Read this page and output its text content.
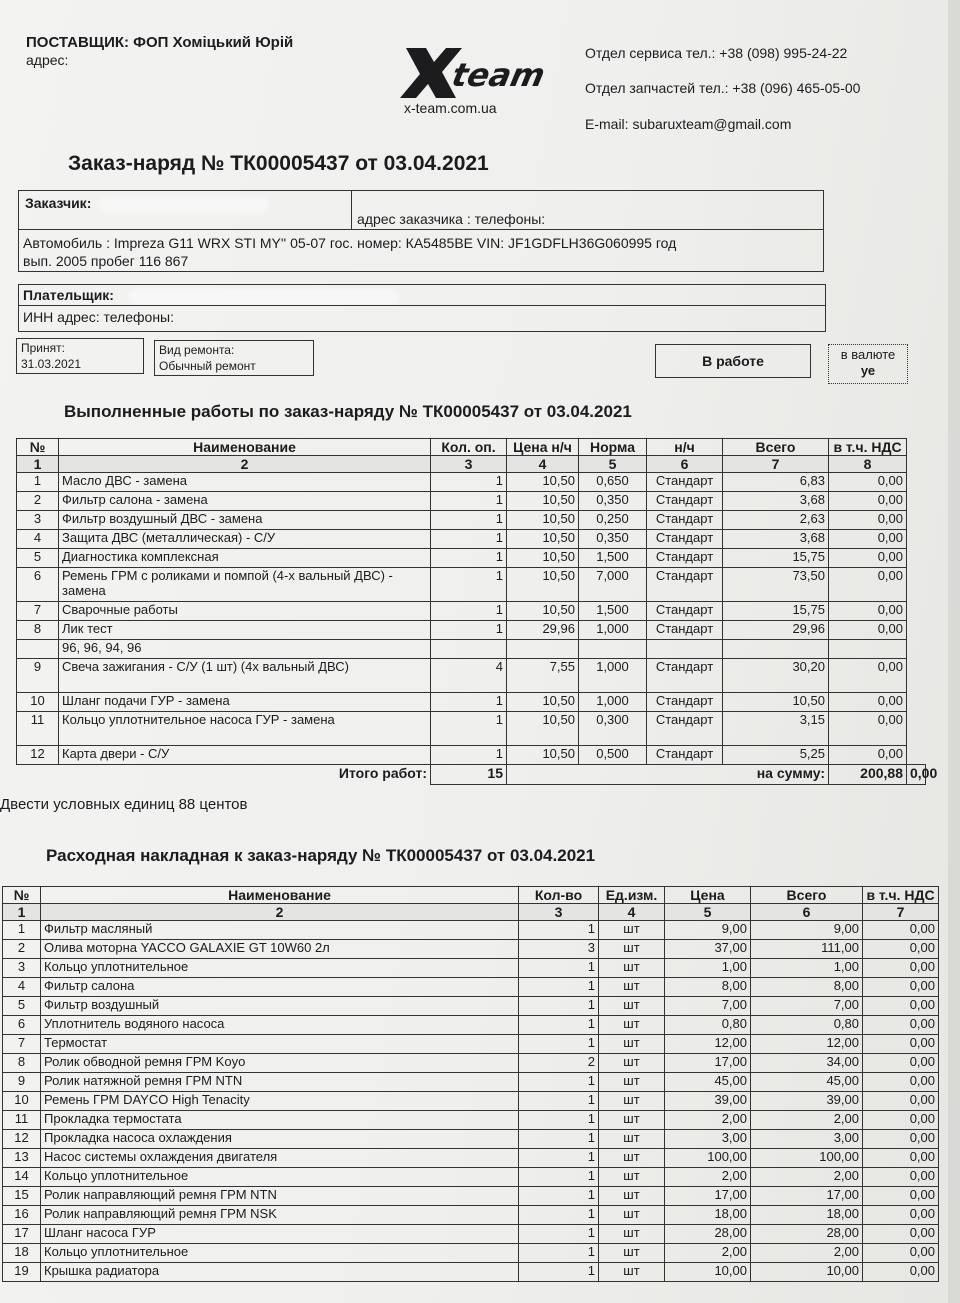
ПОСТАВЩИК: ФОП Хоміцький Юрій
адрес:	team
x-team.com.ua
Отдел сервиса тел.: +38 (098) 995-24-22
Отдел запчастей тел.: +38 (096) 465-05-00
E-mail: subaruxteam@gmail.com
Заказ-наряд № ТК00005437 от 03.04.2021
Заказчик:
адрес заказчика : телефоны:
Автомобиль : Impreza G11 WRX STI MY'' 05-07 гос. номер: КА5485ВЕ VIN: JF1GDFLH36G060995 год
вып. 2005 пробег 116 867
Плательщик:
ИНН адрес: телефоны:
Принят:
31.03.2021
Вид ремонта:
Обычный ремонт	В работе	в валюте
уе
Выполненные работы по заказ-наряду № ТК00005437 от 03.04.2021
№	Наименование	Кол. оп.	Цена н/ч	Норма	н/ч	Всего	в т.ч. НДС	
1	2	3	4	5	6	7	8	
1	Масло ДВС - замена	1	10,50	0,650	Стандарт	6,83	0,00	
2	Фильтр салона - замена	1	10,50	0,350	Стандарт	3,68	0,00	
3	Фильтр воздушный ДВС - замена	1	10,50	0,250	Стандарт	2,63	0,00	
4	Защита ДВС (металлическая) - С/У	1	10,50	0,350	Стандарт	3,68	0,00	
5	Диагностика комплексная	1	10,50	1,500	Стандарт	15,75	0,00	
6	Ремень ГРМ с роликами и помпой (4-х вальный ДВС) - замена	1	10,50	7,000	Стандарт	73,50	0,00	
7	Сварочные работы	1	10,50	1,500	Стандарт	15,75	0,00	
8	Лик тест	1	29,96	1,000	Стандарт	29,96	0,00	
	96, 96, 94, 96							
9	Свеча зажигания - С/У (1 шт) (4х вальный ДВС)	4	7,55	1,000	Стандарт	30,20	0,00	
10	Шланг подачи ГУР - замена	1	10,50	1,000	Стандарт	10,50	0,00	
11	Кольцо уплотнительное насоса ГУР - замена	1	10,50	0,300	Стандарт	3,15	0,00	
12	Карта двери - С/У	1	10,50	0,500	Стандарт	5,25	0,00	
Итого работ:		15	на сумму:				200,88	0,00
Двести условных единиц 88 центов
Расходная накладная к заказ-наряду № ТК00005437 от 03.04.2021
№	Наименование	Кол-во	Ед.изм.	Цена	Всего	в т.ч. НДС
1	2	3	4	5	6	7
1	Фильтр масляный	1	шт	9,00	9,00	0,00
2	Олива моторна YACCO GALAXIE GT 10W60 2л	3	шт	37,00	111,00	0,00
3	Кольцо уплотнительное	1	шт	1,00	1,00	0,00
4	Фильтр салона	1	шт	8,00	8,00	0,00
5	Фильтр воздушный	1	шт	7,00	7,00	0,00
6	Уплотнитель водяного насоса	1	шт	0,80	0,80	0,00
7	Термостат	1	шт	12,00	12,00	0,00
8	Ролик обводной ремня ГРМ Koyo	2	шт	17,00	34,00	0,00
9	Ролик натяжной ремня ГРМ NTN	1	шт	45,00	45,00	0,00
10	Ремень ГРМ DAYCO High Tenacity	1	шт	39,00	39,00	0,00
11	Прокладка термостата	1	шт	2,00	2,00	0,00
12	Прокладка насоса охлаждения	1	шт	3,00	3,00	0,00
13	Насос системы охлаждения двигателя	1	шт	100,00	100,00	0,00
14	Кольцо уплотнительное	1	шт	2,00	2,00	0,00
15	Ролик направляющий ремня ГРМ NTN	1	шт	17,00	17,00	0,00
16	Ролик направляющий ремня ГРМ NSK	1	шт	18,00	18,00	0,00
17	Шланг насоса ГУР	1	шт	28,00	28,00	0,00
18	Кольцо уплотнительное	1	шт	2,00	2,00	0,00
19	Крышка радиатора	1	шт	10,00	10,00	0,00
